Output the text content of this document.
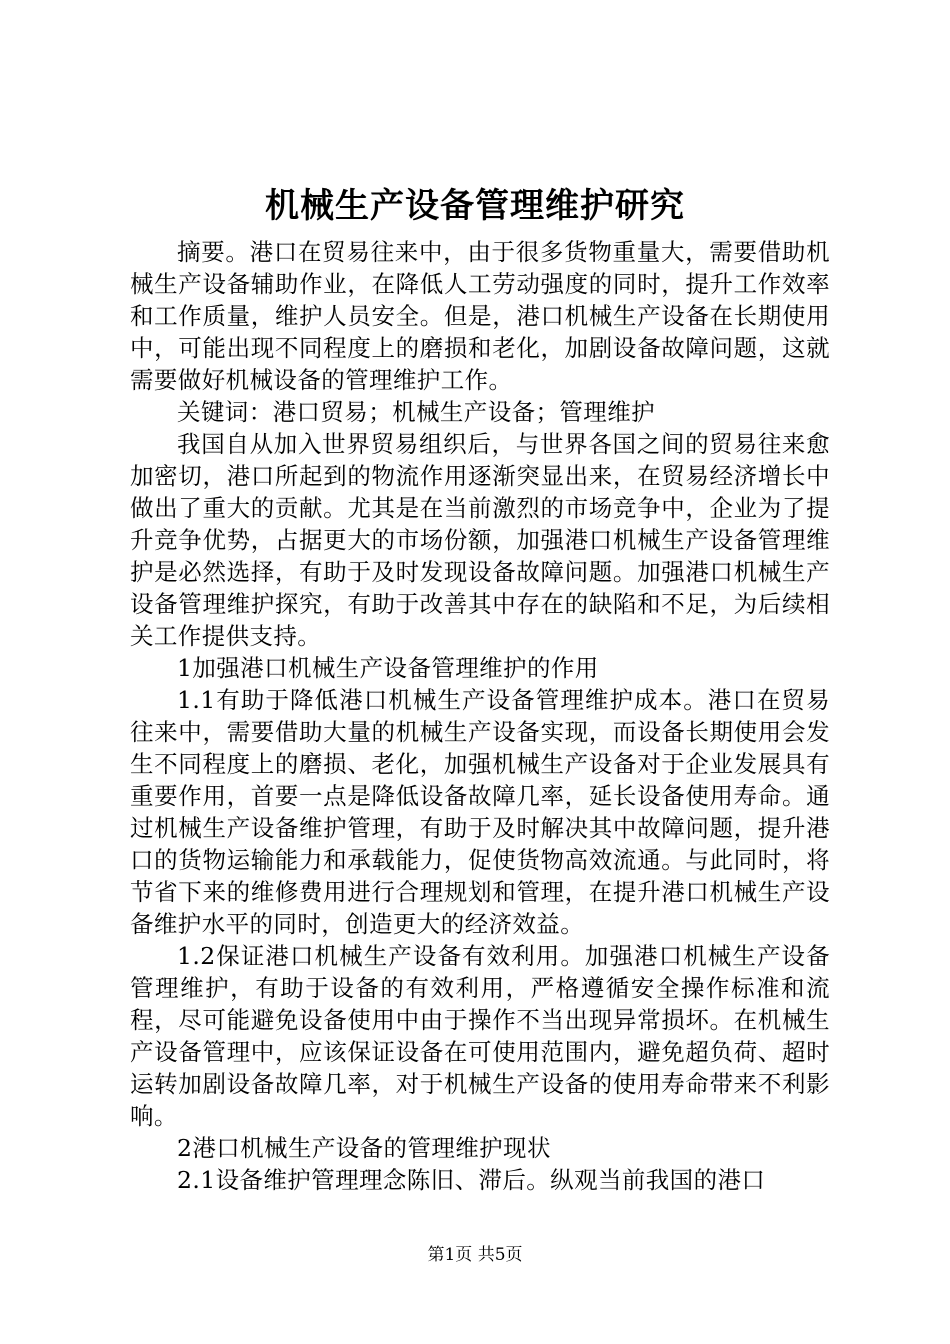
机械生产设备管理维护研究

摘要。港口在贸易往来中，由于很多货物重量大，需要借助机械生产设备辅助作业，在降低人工劳动强度的同时，提升工作效率和工作质量，维护人员安全。但是，港口机械生产设备在长期使用中，可能出现不同程度上的磨损和老化，加剧设备故障问题，这就需要做好机械设备的管理维护工作。

关键词：港口贸易；机械生产设备；管理维护

我国自从加入世界贸易组织后，与世界各国之间的贸易往来愈加密切，港口所起到的物流作用逐渐突显出来，在贸易经济增长中做出了重大的贡献。尤其是在当前激烈的市场竞争中，企业为了提升竞争优势，占据更大的市场份额，加强港口机械生产设备管理维护是必然选择，有助于及时发现设备故障问题。加强港口机械生产设备管理维护探究，有助于改善其中存在的缺陷和不足，为后续相关工作提供支持。

1加强港口机械生产设备管理维护的作用

1.1有助于降低港口机械生产设备管理维护成本。港口在贸易往来中，需要借助大量的机械生产设备实现，而设备长期使用会发生不同程度上的磨损、老化，加强机械生产设备对于企业发展具有重要作用，首要一点是降低设备故障几率，延长设备使用寿命。通过机械生产设备维护管理，有助于及时解决其中故障问题，提升港口的货物运输能力和承载能力，促使货物高效流通。与此同时，将节省下来的维修费用进行合理规划和管理，在提升港口机械生产设备维护水平的同时，创造更大的经济效益。

1.2保证港口机械生产设备有效利用。加强港口机械生产设备管理维护，有助于设备的有效利用，严格遵循安全操作标准和流程，尽可能避免设备使用中由于操作不当出现异常损坏。在机械生产设备管理中，应该保证设备在可使用范围内，避免超负荷、超时运转加剧设备故障几率，对于机械生产设备的使用寿命带来不利影响。

2港口机械生产设备的管理维护现状

2.1设备维护管理理念陈旧、滞后。纵观当前我国的港口

第1页 共5页
